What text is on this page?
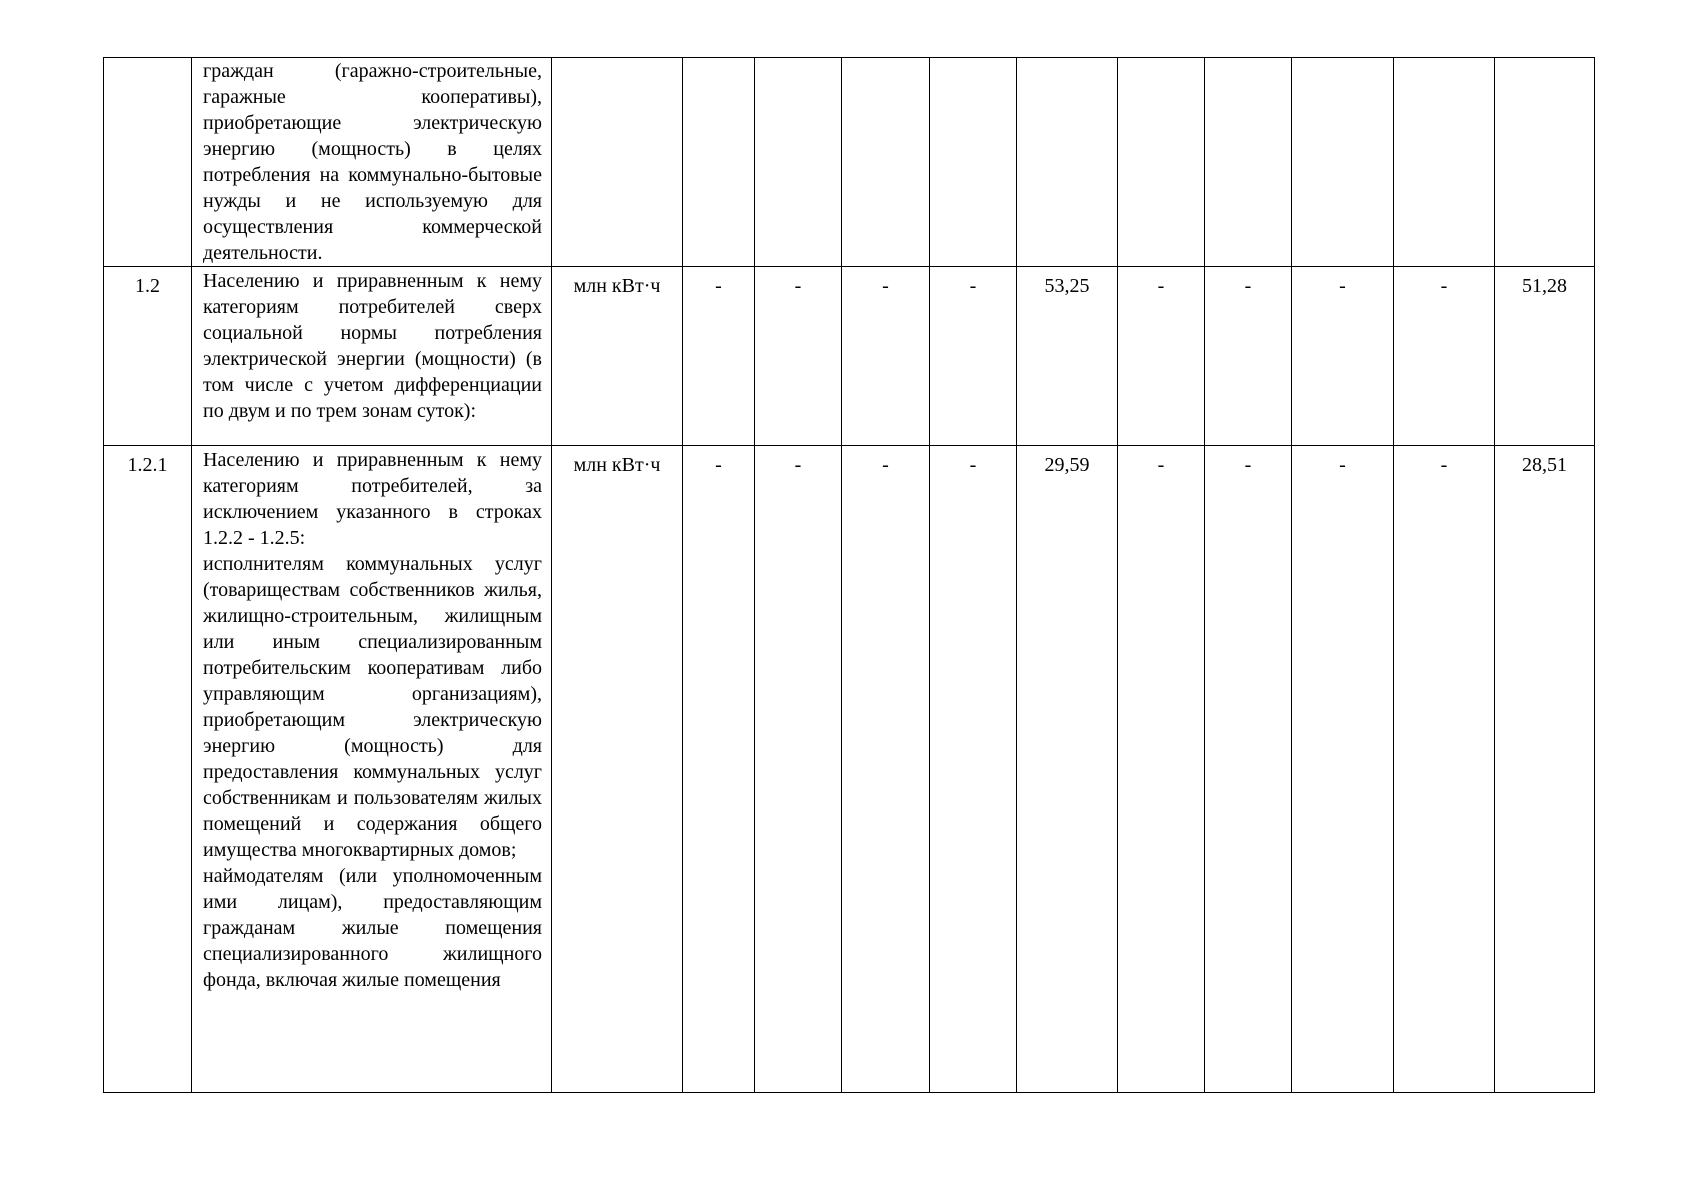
	граждан (гаражно-строительные, гаражные кооперативы), приобретающие электрическую энергию (мощность) в целях потребления на коммунально-бытовые нужды и не используемую для осуществления коммерческой деятельности.											
1.2	Населению и приравненным к нему категориям потребителей сверх социальной нормы потребления электрической энергии (мощности) (в том числе с учетом дифференциации по двум и по трем зонам суток):	млн кВт·ч	-	-	-	-	53,25	-	-	-	-	51,28
1.2.1	Населению и приравненным к нему категориям потребителей, за исключением указанного в строках 1.2.2 - 1.2.5:
исполнителям коммунальных услуг (товариществам собственников жилья, жилищно-строительным, жилищным или иным специализированным потребительским кооперативам либо управляющим организациям), приобретающим электрическую энергию (мощность) для предоставления коммунальных услуг собственникам и пользователям жилых помещений и содержания общего имущества многоквартирных домов;
наймодателям (или уполномоченным ими лицам), предоставляющим гражданам жилые помещения специализированного жилищного фонда, включая жилые помещения	млн кВт·ч	-	-	-	-	29,59	-	-	-	-	28,51
